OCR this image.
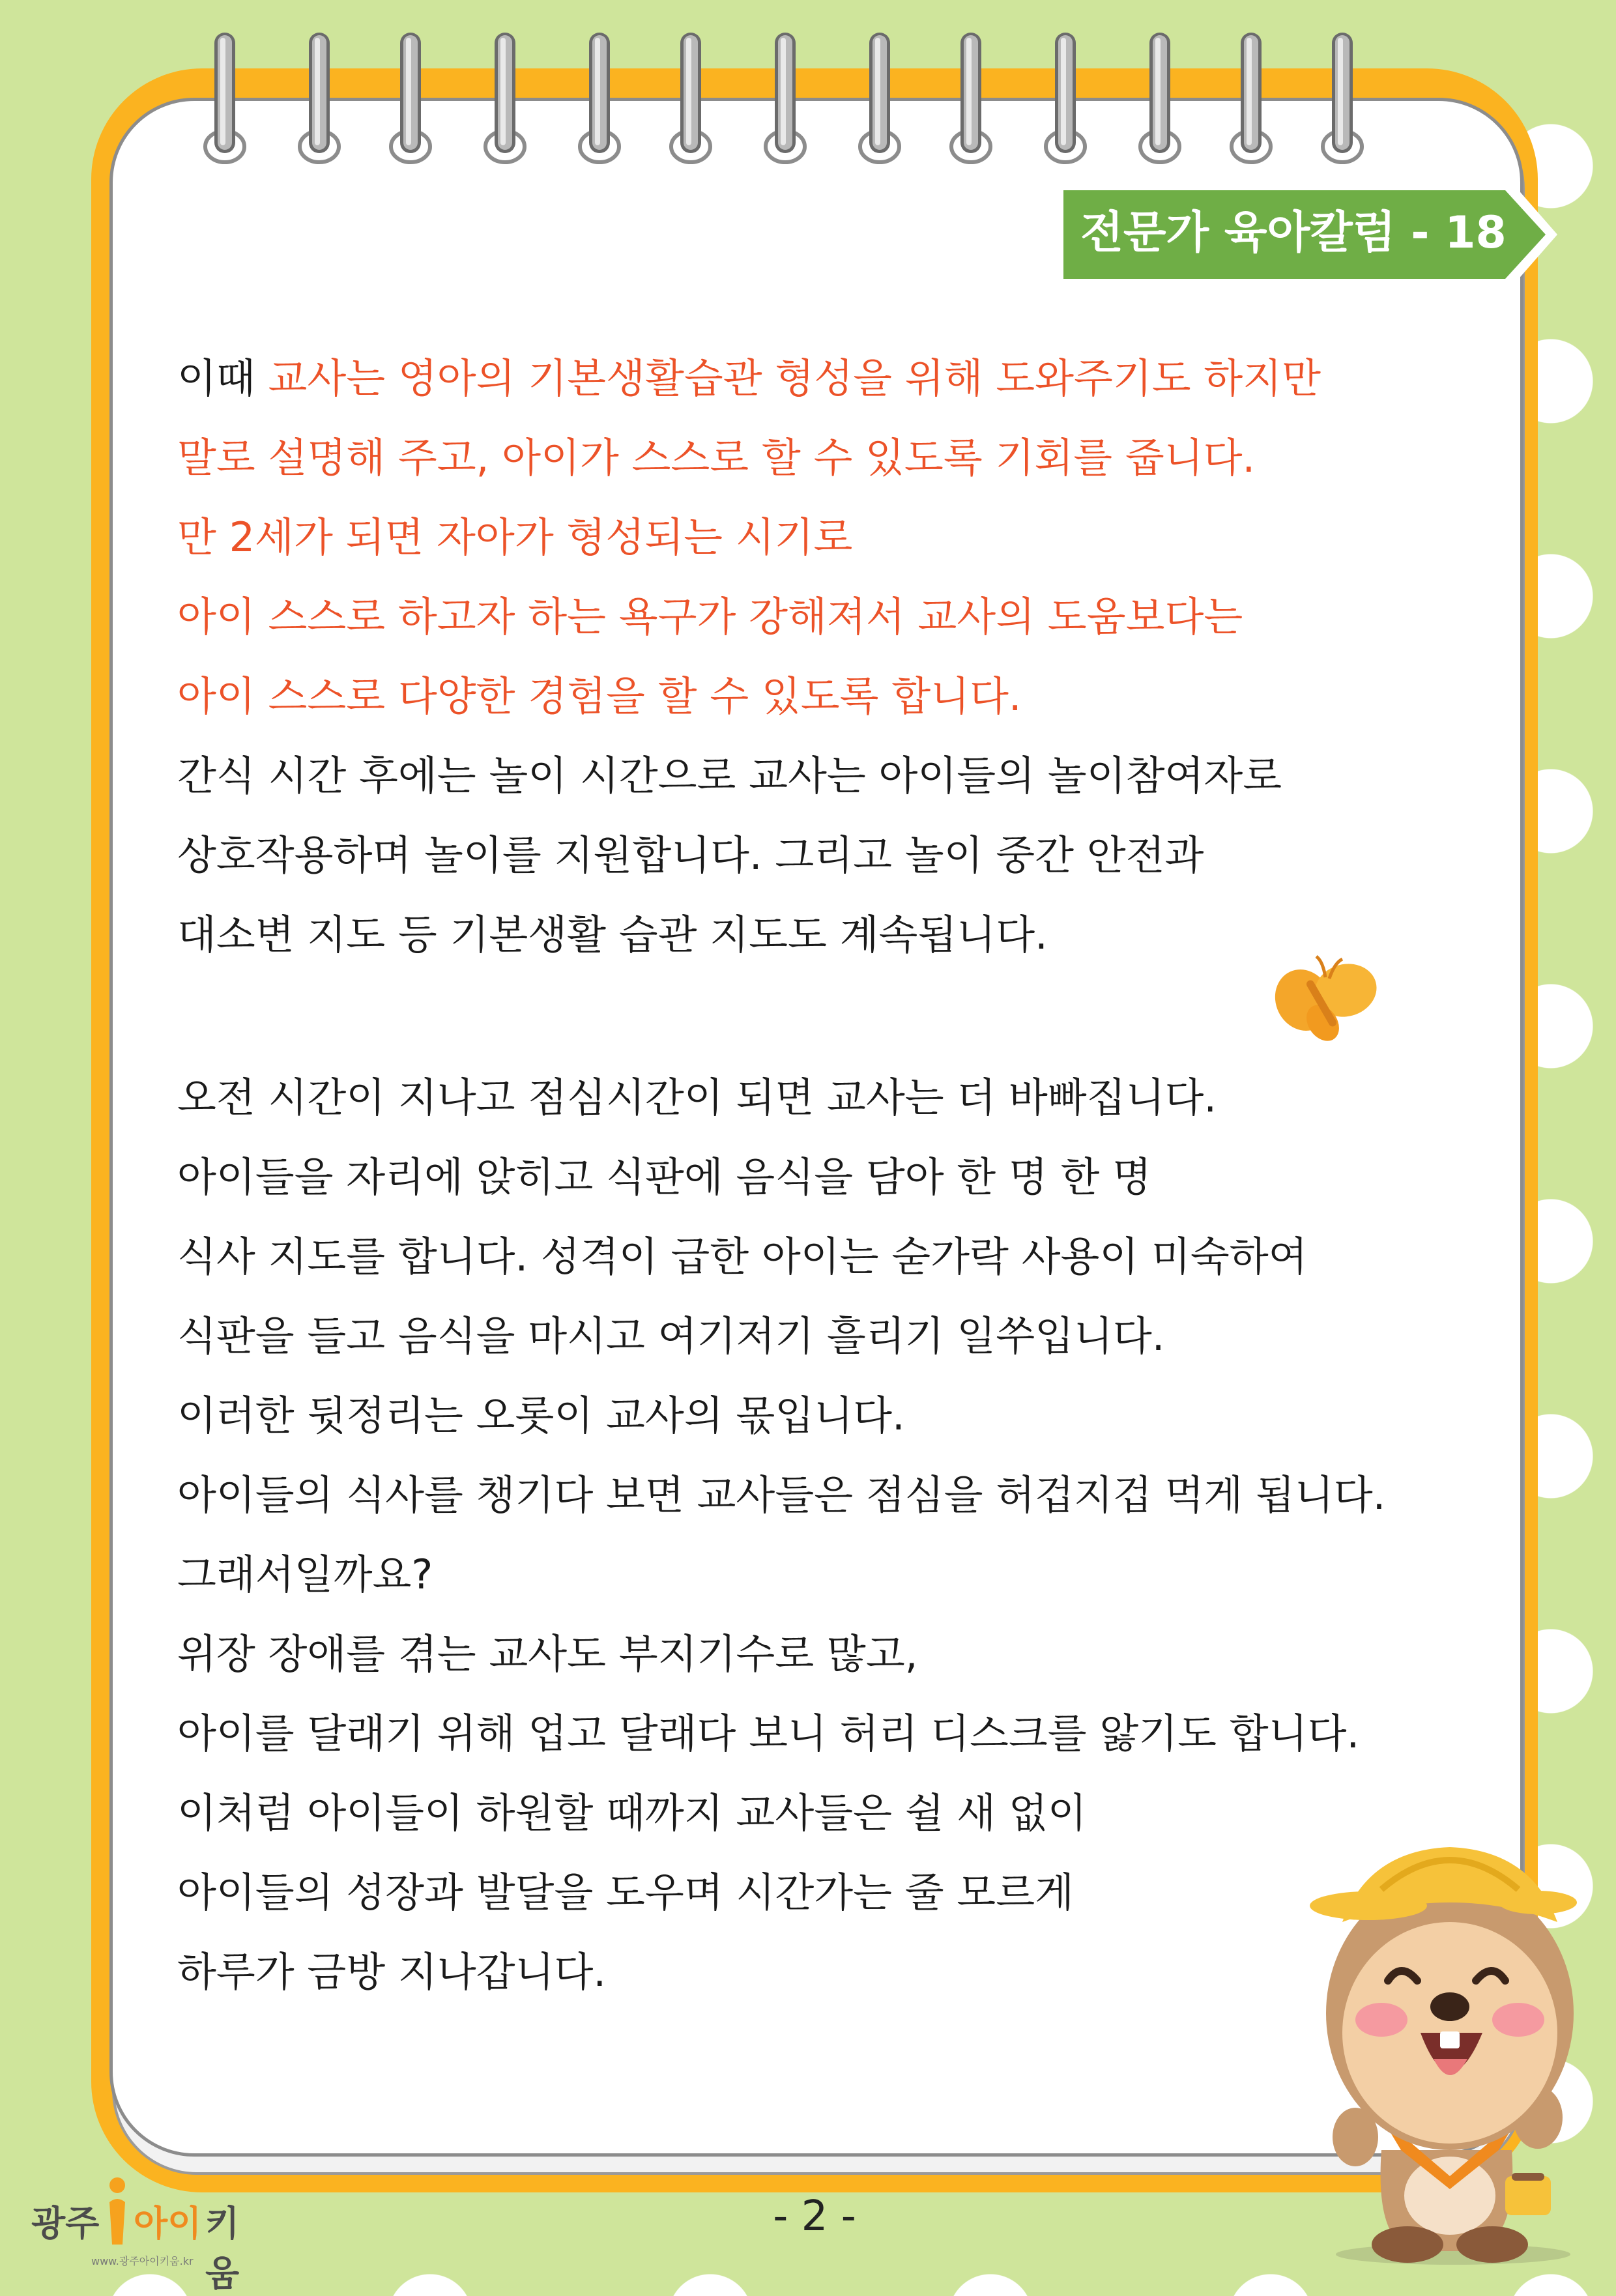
전문가 육아칼럼 - 18화
이때 교사는 영아의 기본생활습관 형성을 위해 도와주기도 하지만
말로 설명해 주고, 아이가 스스로 할 수 있도록 기회를 줍니다.
만 2세가 되면 자아가 형성되는 시기로
아이 스스로 하고자 하는 욕구가 강해져서 교사의 도움보다는
아이 스스로 다양한 경험을 할 수 있도록 합니다.
간식 시간 후에는 놀이 시간으로 교사는 아이들의 놀이참여자로
상호작용하며 놀이를 지원합니다. 그리고 놀이 중간 안전과
대소변 지도 등 기본생활 습관 지도도 계속됩니다.
오전 시간이 지나고 점심시간이 되면 교사는 더 바빠집니다.
아이들을 자리에 앉히고 식판에 음식을 담아 한 명 한 명
식사 지도를 합니다. 성격이 급한 아이는 숟가락 사용이 미숙하여
식판을 들고 음식을 마시고 여기저기 흘리기 일쑤입니다.
이러한 뒷정리는 오롯이 교사의 몫입니다.
아이들의 식사를 챙기다 보면 교사들은 점심을 허겁지겁 먹게 됩니다.
그래서일까요?
위장 장애를 겪는 교사도 부지기수로 많고,
아이를 달래기 위해 업고 달래다 보니 허리 디스크를 앓기도 합니다.
이처럼 아이들이 하원할 때까지 교사들은 쉴 새 없이
아이들의 성장과 발달을 도우며 시간가는 줄 모르게
하루가 금방 지나갑니다.
광주 아이 키움
www.광주아이키움.kr
- 2 -
